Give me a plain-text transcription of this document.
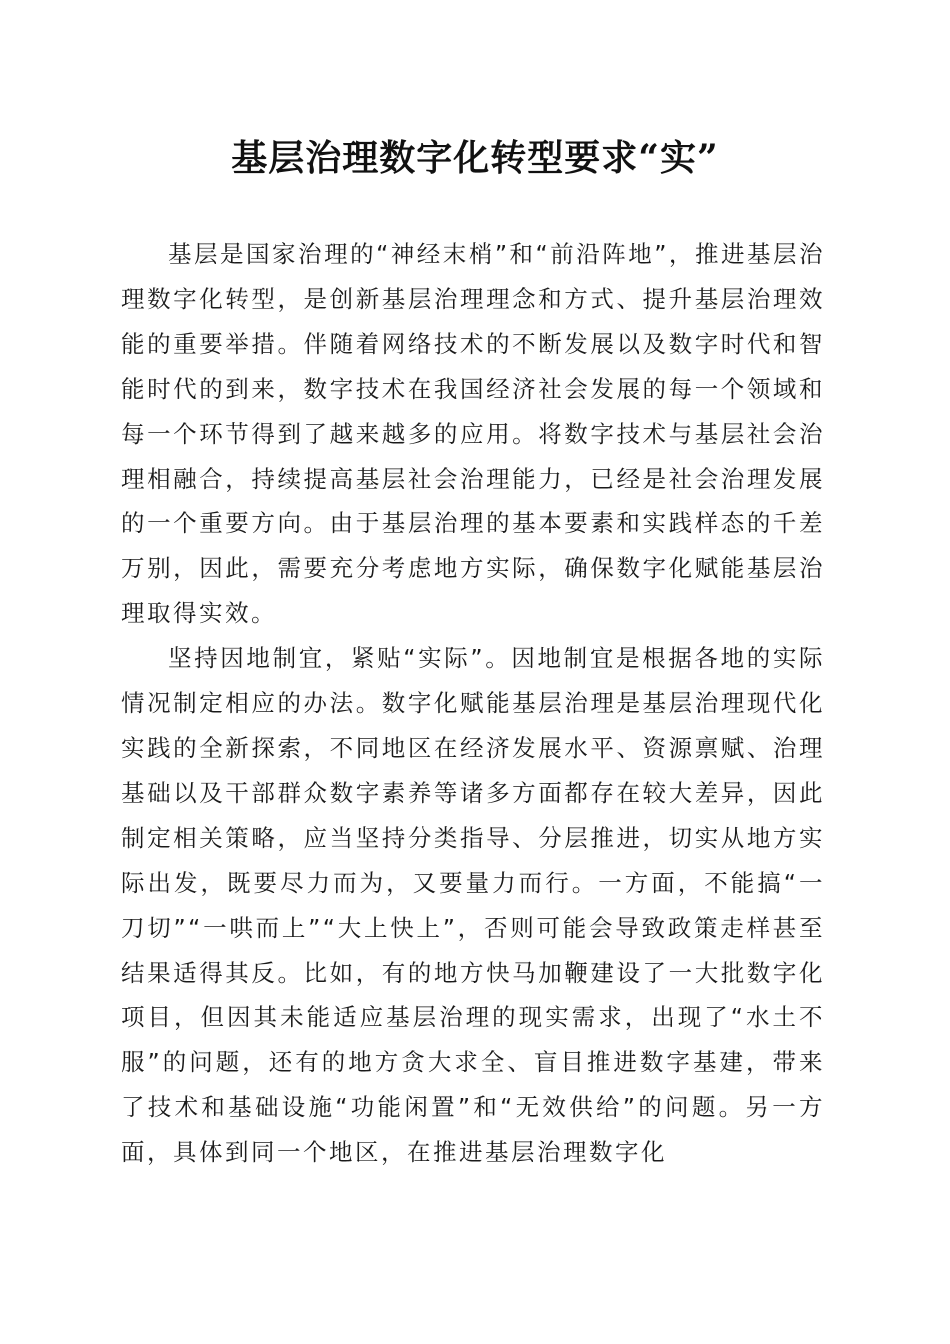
基层治理数字化转型要求“实”

基层是国家治理的“神经末梢”和“前沿阵地”，推进基层治理数字化转型，是创新基层治理理念和方式、提升基层治理效能的重要举措。伴随着网络技术的不断发展以及数字时代和智能时代的到来，数字技术在我国经济社会发展的每一个领域和每一个环节得到了越来越多的应用。将数字技术与基层社会治理相融合，持续提高基层社会治理能力，已经是社会治理发展的一个重要方向。由于基层治理的基本要素和实践样态的千差万别，因此，需要充分考虑地方实际，确保数字化赋能基层治理取得实效。

坚持因地制宜，紧贴“实际”。因地制宜是根据各地的实际情况制定相应的办法。数字化赋能基层治理是基层治理现代化实践的全新探索，不同地区在经济发展水平、资源禀赋、治理基础以及干部群众数字素养等诸多方面都存在较大差异，因此制定相关策略，应当坚持分类指导、分层推进，切实从地方实际出发，既要尽力而为，又要量力而行。一方面，不能搞“一刀切”“一哄而上”“大上快上”，否则可能会导致政策走样甚至结果适得其反。比如，有的地方快马加鞭建设了一大批数字化项目，但因其未能适应基层治理的现实需求，出现了“水土不服”的问题，还有的地方贪大求全、盲目推进数字基建，带来了技术和基础设施“功能闲置”和“无效供给”的问题。另一方面，具体到同一个地区，在推进基层治理数字化
